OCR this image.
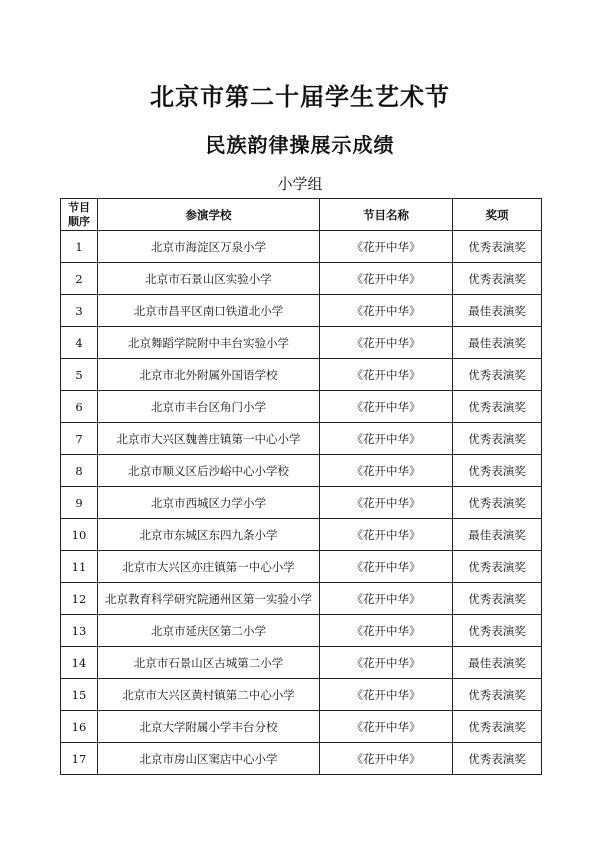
北京市第二十届学生艺术节
民族韵律操展示成绩
小学组
节目
顺序	参演学校	节目名称	奖项
1	北京市海淀区万泉小学	《花开中华》	优秀表演奖
2	北京市石景山区实验小学	《花开中华》	优秀表演奖
3	北京市昌平区南口铁道北小学	《花开中华》	最佳表演奖
4	北京舞蹈学院附中丰台实验小学	《花开中华》	最佳表演奖
5	北京市北外附属外国语学校	《花开中华》	优秀表演奖
6	北京市丰台区角门小学	《花开中华》	优秀表演奖
7	北京市大兴区魏善庄镇第一中心小学	《花开中华》	优秀表演奖
8	北京市顺义区后沙峪中心小学校	《花开中华》	优秀表演奖
9	北京市西城区力学小学	《花开中华》	优秀表演奖
10	北京市东城区东四九条小学	《花开中华》	最佳表演奖
11	北京市大兴区亦庄镇第一中心小学	《花开中华》	优秀表演奖
12	北京教育科学研究院通州区第一实验小学	《花开中华》	优秀表演奖
13	北京市延庆区第二小学	《花开中华》	优秀表演奖
14	北京市石景山区古城第二小学	《花开中华》	最佳表演奖
15	北京市大兴区黄村镇第二中心小学	《花开中华》	优秀表演奖
16	北京大学附属小学丰台分校	《花开中华》	优秀表演奖
17	北京市房山区窦店中心小学	《花开中华》	优秀表演奖
